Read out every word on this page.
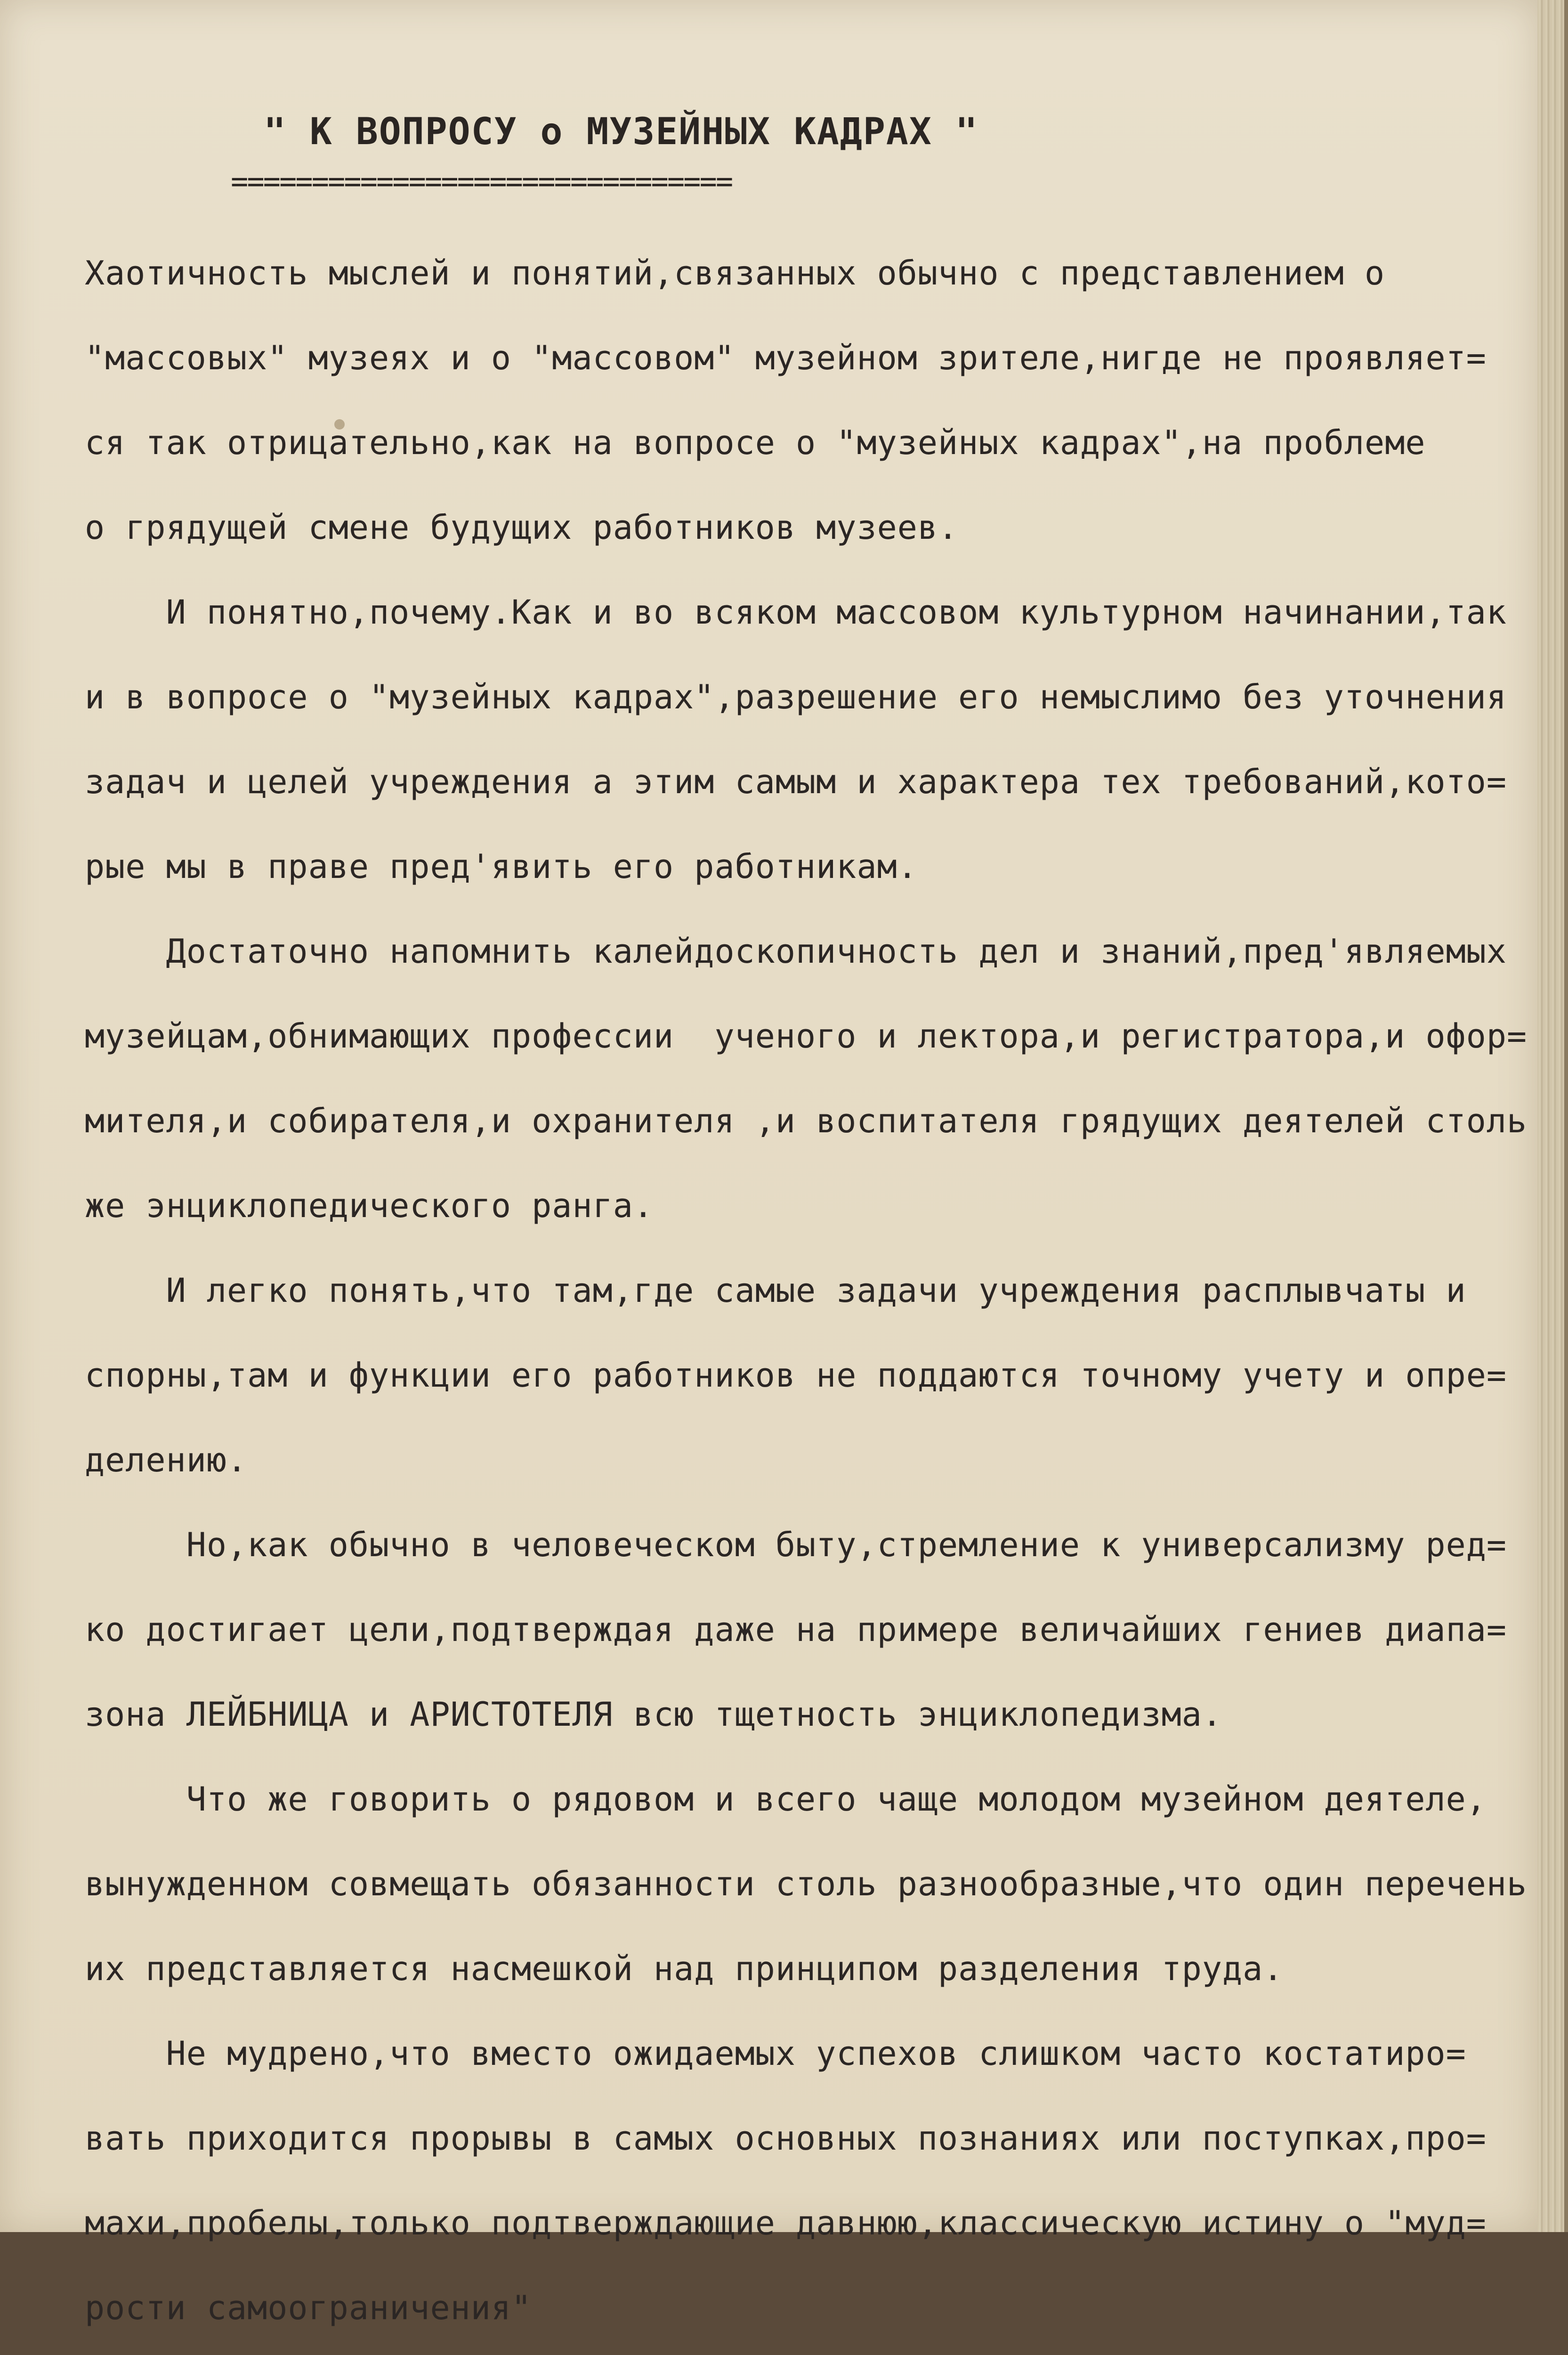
" К ВОПРОСУ о МУЗЕЙНЫХ КАДРАХ "
===============================
Хаотичность мыслей и понятий,связанных обычно с представлением о
"массовых" музеях и о "массовом" музейном зрителе,нигде не проявляет=
ся так отрицательно,как на вопросе о "музейных кадрах",на проблеме
о грядущей смене будущих работников музеев.
И понятно,почему.Как и во всяком массовом культурном начинании,так
и в вопросе о "музейных кадрах",разрешение его немыслимо без уточнения
задач и целей учреждения а этим самым и характера тех требований,кото=
рые мы в праве пред'явить его работникам.
Достаточно напомнить калейдоскопичность дел и знаний,пред'являемых
музейцам,обнимающих профессии  ученого и лектора,и регистратора,и офор=
мителя,и собирателя,и охранителя ,и воспитателя грядущих деятелей столь
же энциклопедического ранга.
И легко понять,что там,где самые задачи учреждения расплывчаты и
спорны,там и функции его работников не поддаются точному учету и опре=
делению.
Но,как обычно в человеческом быту,стремление к универсализму ред=
ко достигает цели,подтверждая даже на примере величайших гениев диапа=
зона ЛЕЙБНИЦА и АРИСТОТЕЛЯ всю тщетность энциклопедизма.
Что же говорить о рядовом и всего чаще молодом музейном деятеле,
вынужденном совмещать обязанности столь разнообразные,что один перечень
их представляется насмешкой над принципом разделения труда.
Не мудрено,что вместо ожидаемых успехов слишком часто костатиро=
вать приходится прорывы в самых основных познаниях или поступках,про=
махи,пробелы,только подтверждающие давнюю,классическую истину о "муд=
рости самоограничения"
